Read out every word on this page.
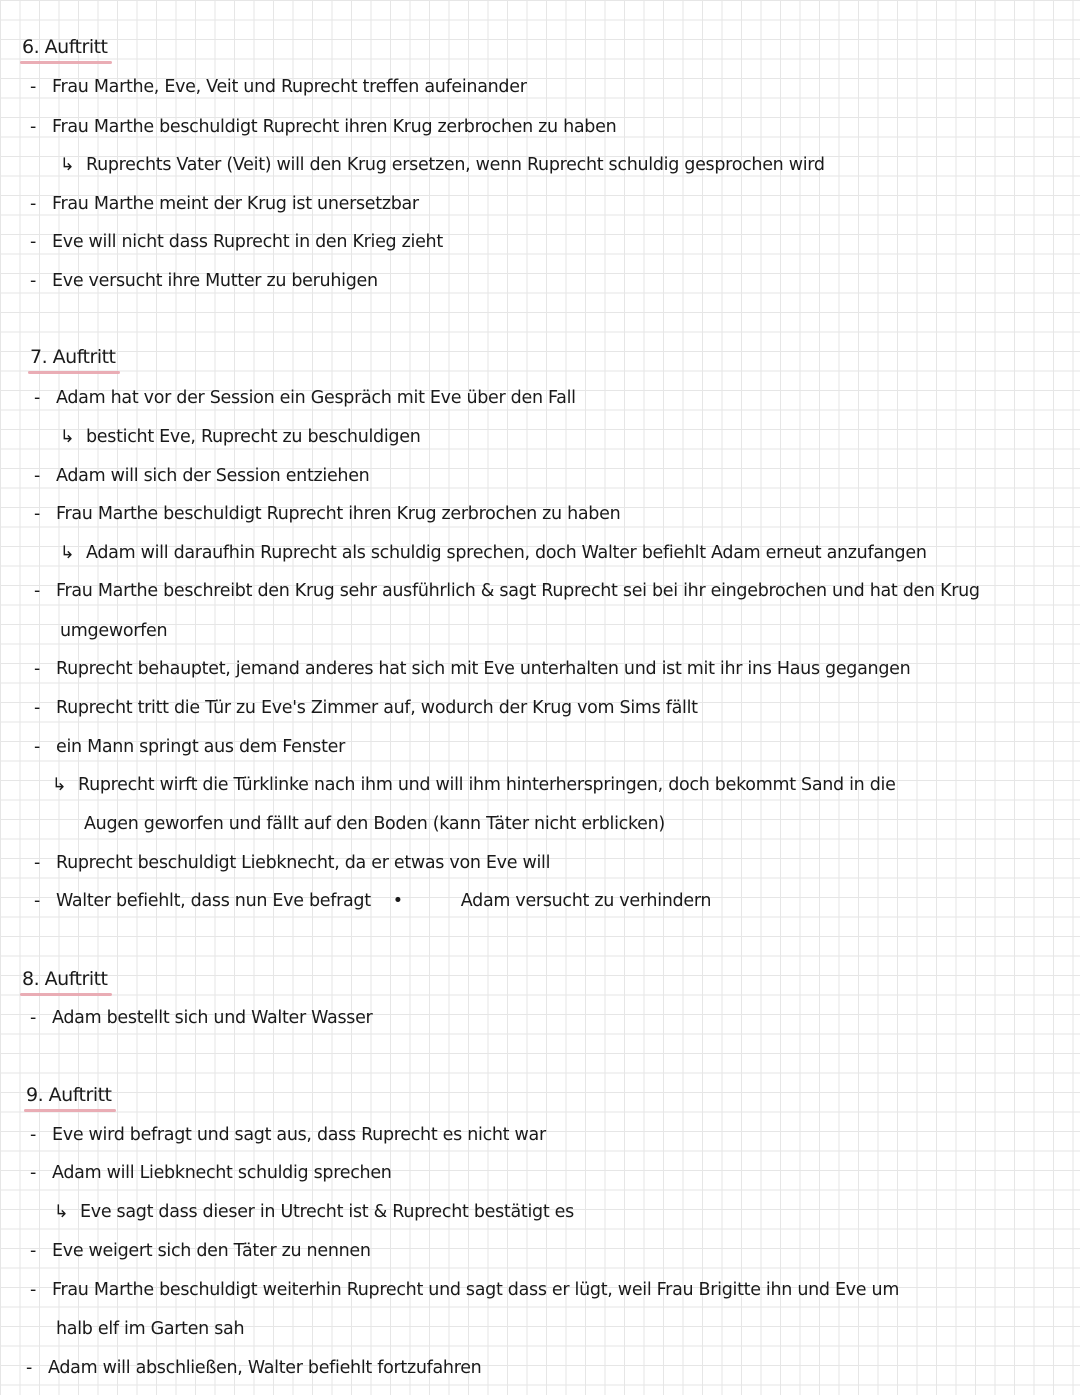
6. Auftritt
- Frau Marthe, Eve, Veit und Ruprecht treffen aufeinander
- Frau Marthe beschuldigt Ruprecht ihren Krug zerbrochen zu haben
↳ Ruprechts Vater (Veit) will den Krug ersetzen, wenn Ruprecht schuldig gesprochen wird
- Frau Marthe meint der Krug ist unersetzbar
- Eve will nicht dass Ruprecht in den Krieg zieht
- Eve versucht ihre Mutter zu beruhigen
7. Auftritt
- Adam hat vor der Session ein Gespräch mit Eve über den Fall
↳ besticht Eve, Ruprecht zu beschuldigen
- Adam will sich der Session entziehen
- Frau Marthe beschuldigt Ruprecht ihren Krug zerbrochen zu haben
↳ Adam will daraufhin Ruprecht als schuldig sprechen, doch Walter befiehlt Adam erneut anzufangen
- Frau Marthe beschreibt den Krug sehr ausführlich & sagt Ruprecht sei bei ihr eingebrochen und hat den Krug
umgeworfen
- Ruprecht behauptet, jemand anderes hat sich mit Eve unterhalten und ist mit ihr ins Haus gegangen
- Ruprecht tritt die Tür zu Eve's Zimmer auf, wodurch der Krug vom Sims fällt
- ein Mann springt aus dem Fenster
↳ Ruprecht wirft die Türklinke nach ihm und will ihm hinterherspringen, doch bekommt Sand in die
Augen geworfen und fällt auf den Boden (kann Täter nicht erblicken)
- Ruprecht beschuldigt Liebknecht, da er etwas von Eve will
- Walter befiehlt, dass nun Eve befragt •	Adam versucht zu verhindern
8. Auftritt
- Adam bestellt sich und Walter Wasser
9. Auftritt
- Eve wird befragt und sagt aus, dass Ruprecht es nicht war
- Adam will Liebknecht schuldig sprechen
↳ Eve sagt dass dieser in Utrecht ist & Ruprecht bestätigt es
- Eve weigert sich den Täter zu nennen
- Frau Marthe beschuldigt weiterhin Ruprecht und sagt dass er lügt, weil Frau Brigitte ihn und Eve um
halb elf im Garten sah
- Adam will abschließen, Walter befiehlt fortzufahren
